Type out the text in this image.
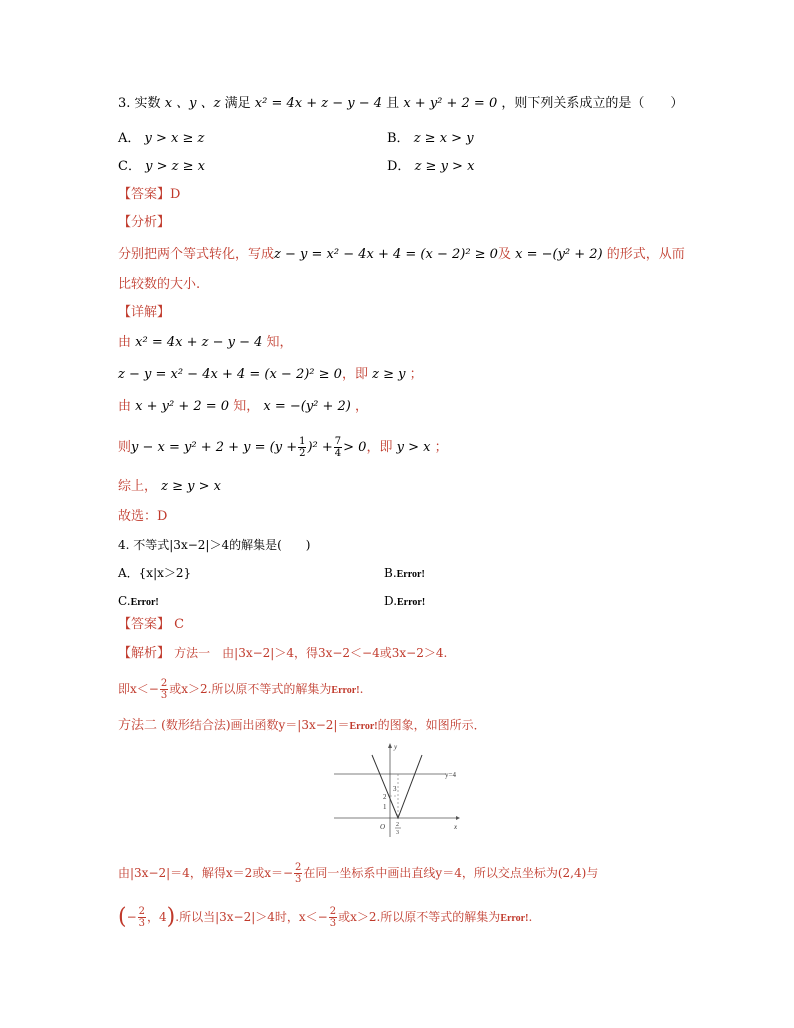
3. 实数 x 、y 、z 满足 x² = 4x + z − y − 4 且 x + y² + 2 = 0 ，则下列关系成立的是（　　）
A． y > x ≥ z	B． z ≥ x > y
C． y > z ≥ x	D． z ≥ y > x
【答案】D
【分析】
分别把两个等式转化，写成z − y = x² − 4x + 4 = (x − 2)² ≥ 0及 x = −(y² + 2) 的形式，从而
比较数的大小.
【详解】
由 x² = 4x + z − y − 4 知，
z − y = x² − 4x + 4 = (x − 2)² ≥ 0，即 z ≥ y ；
由 x + y² + 2 = 0 知， x = −(y² + 2) ，
则$y - x = y^2 + 2 + y = (y + \frac{1}{2} )^2 + \frac{7}{4} > 0$，即 y > x ；
综上， z ≥ y > x
故选：D
4. 不等式|3x−2|＞4的解集是(　　)
A．{x|x＞2}	B.Error!
C.Error!	D.Error!
【答案】 C
【解析】 方法一　由|3x−2|＞4，得3x−2＜−4或3x−2＞4.
即$x<- \frac{2}{3}$ 或x＞2.所以原不等式的解集为Error!.
方法二 (数形结合法)画出函数y＝|3x−2|＝Error!的图象，如图所示．
y
x
O
y=4
3
2
1
2
3
由|3x−2|＝4，解得x＝2或$x=- \frac{2}{3}$ 在同一坐标系中画出直线y＝4，所以交点坐标为(2,4)与
(− $\frac{2}{3}$ ，4).所以当|3x−2|＞4时，$x<- \frac{2}{3}$ 或x＞2.所以原不等式的解集为Error!.
